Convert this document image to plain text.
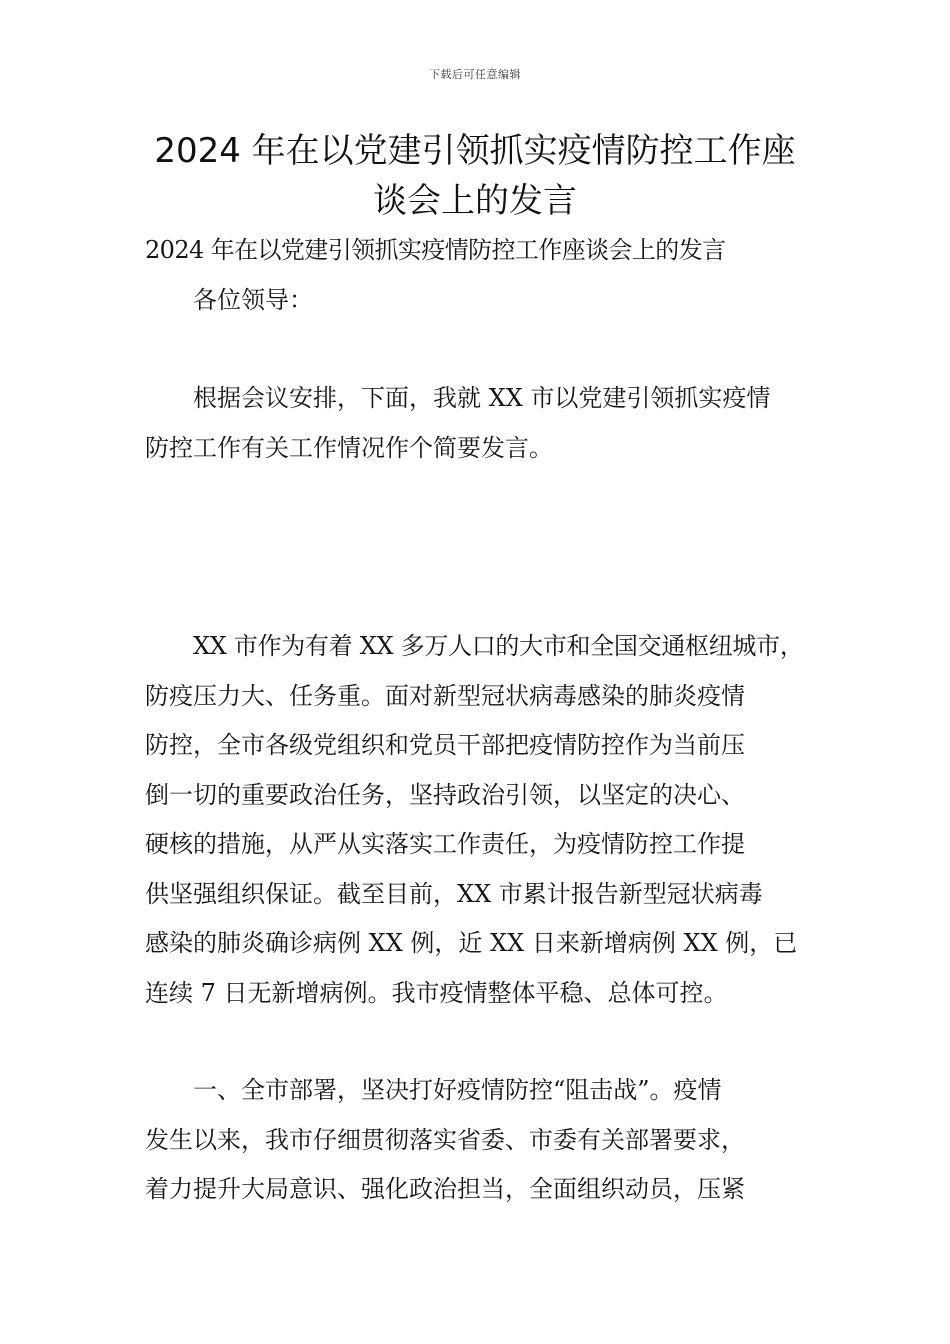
下载后可任意编辑
2024 年在以党建引领抓实疫情防控工作座
谈会上的发言

2024 年在以党建引领抓实疫情防控工作座谈会上的发言

各位领导：

根据会议安排，下面，我就 XX 市以党建引领抓实疫情
防控工作有关工作情况作个简要发言。

XX 市作为有着 XX 多万人口的大市和全国交通枢纽城市，
防疫压力大、任务重。面对新型冠状病毒感染的肺炎疫情
防控，全市各级党组织和党员干部把疫情防控作为当前压
倒一切的重要政治任务，坚持政治引领，以坚定的决心、
硬核的措施，从严从实落实工作责任，为疫情防控工作提
供坚强组织保证。截至目前，XX 市累计报告新型冠状病毒
感染的肺炎确诊病例 XX 例，近 XX 日来新增病例 XX 例，已
连续 7 日无新增病例。我市疫情整体平稳、总体可控。

一、全市部署，坚决打好疫情防控“阻击战”。疫情
发生以来，我市仔细贯彻落实省委、市委有关部署要求，
着力提升大局意识、强化政治担当，全面组织动员，压紧
